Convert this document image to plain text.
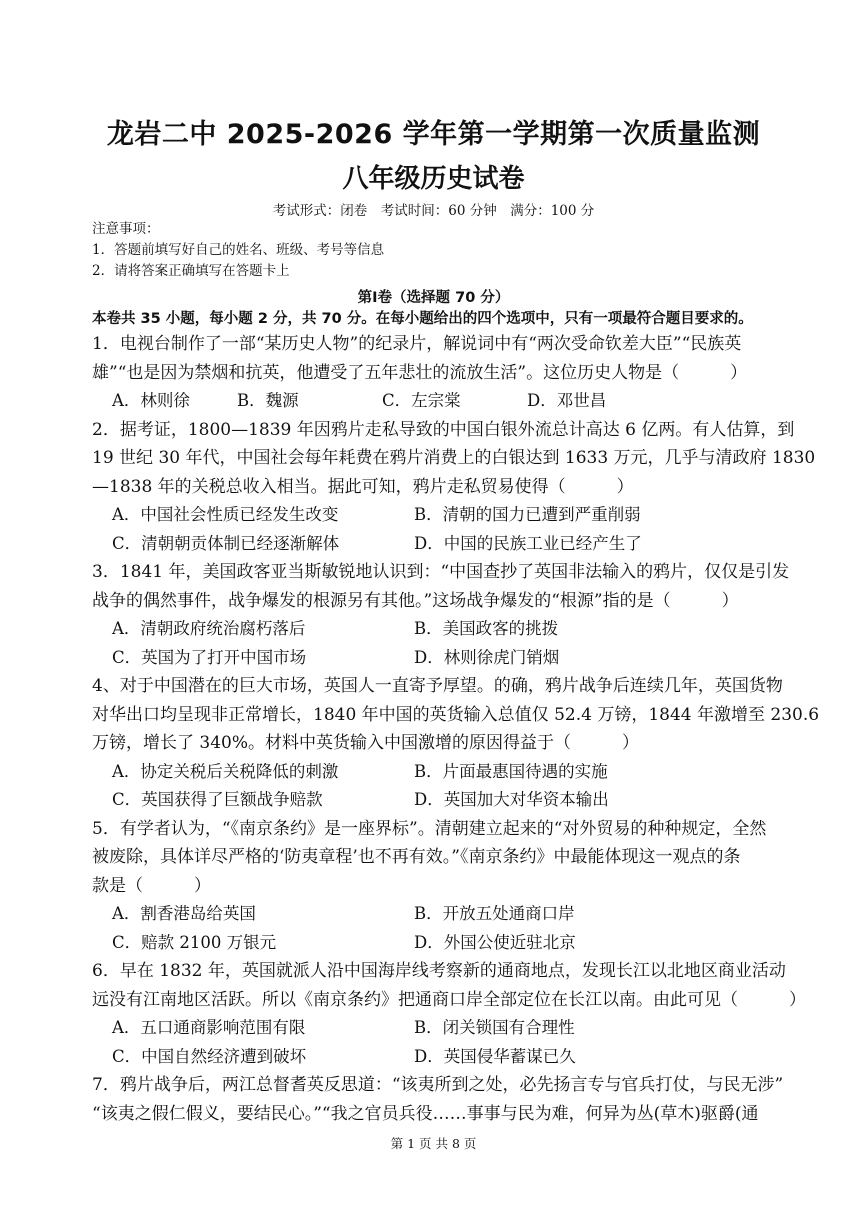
龙岩二中 2025-2026 学年第一学期第一次质量监测
八年级历史试卷
考试形式：闭卷　考试时间：60 分钟　满分：100 分
注意事项：
1．答题前填写好自己的姓名、班级、考号等信息
2．请将答案正确填写在答题卡上
第Ⅰ卷（选择题 70 分）
本卷共 35 小题，每小题 2 分，共 70 分。在每小题给出的四个选项中，只有一项最符合题目要求的。
1．电视台制作了一部“某历史人物”的纪录片，解说词中有“两次受命钦差大臣”“民族英
雄”“也是因为禁烟和抗英，他遭受了五年悲壮的流放生活”。这位历史人物是（　　　）
A．林则徐	B．魏源	C．左宗棠	D．邓世昌
2．据考证，1800—1839 年因鸦片走私导致的中国白银外流总计高达 6 亿两。有人估算，到
19 世纪 30 年代，中国社会每年耗费在鸦片消费上的白银达到 1633 万元，几乎与清政府 1830
—1838 年的关税总收入相当。据此可知，鸦片走私贸易使得（　　　）
A．中国社会性质已经发生改变	B．清朝的国力已遭到严重削弱
C．清朝朝贡体制已经逐渐解体	D．中国的民族工业已经产生了
3．1841 年，美国政客亚当斯敏锐地认识到：“中国查抄了英国非法输入的鸦片，仅仅是引发
战争的偶然事件，战争爆发的根源另有其他。”这场战争爆发的“根源”指的是（　　　）
A．清朝政府统治腐朽落后	B．美国政客的挑拨
C．英国为了打开中国市场	D．林则徐虎门销烟
4、对于中国潜在的巨大市场，英国人一直寄予厚望。的确，鸦片战争后连续几年，英国货物
对华出口均呈现非正常增长，1840 年中国的英货输入总值仅 52.4 万镑，1844 年激增至 230.6
万镑，增长了 340%。材料中英货输入中国激增的原因得益于（　　　）
A．协定关税后关税降低的刺激	B．片面最惠国待遇的实施
C．英国获得了巨额战争赔款	D．英国加大对华资本输出
5．有学者认为，“《南京条约》是一座界标”。清朝建立起来的“对外贸易的种种规定，全然
被废除，具体详尽严格的‘防夷章程’也不再有效。”《南京条约》中最能体现这一观点的条
款是（　　　）
A．割香港岛给英国	B．开放五处通商口岸
C．赔款 2100 万银元	D．外国公使近驻北京
6．早在 1832 年，英国就派人沿中国海岸线考察新的通商地点，发现长江以北地区商业活动
远没有江南地区活跃。所以《南京条约》把通商口岸全部定位在长江以南。由此可见（　　　）
A．五口通商影响范围有限	B．闭关锁国有合理性
C．中国自然经济遭到破坏	D．英国侵华蓄谋已久
7．鸦片战争后，两江总督耆英反思道：“该夷所到之处，必先扬言专与官兵打仗，与民无涉”
“该夷之假仁假义，要结民心。”“我之官员兵役……事事与民为难，何异为丛(草木)驱爵(通
第 1 页 共 8 页
